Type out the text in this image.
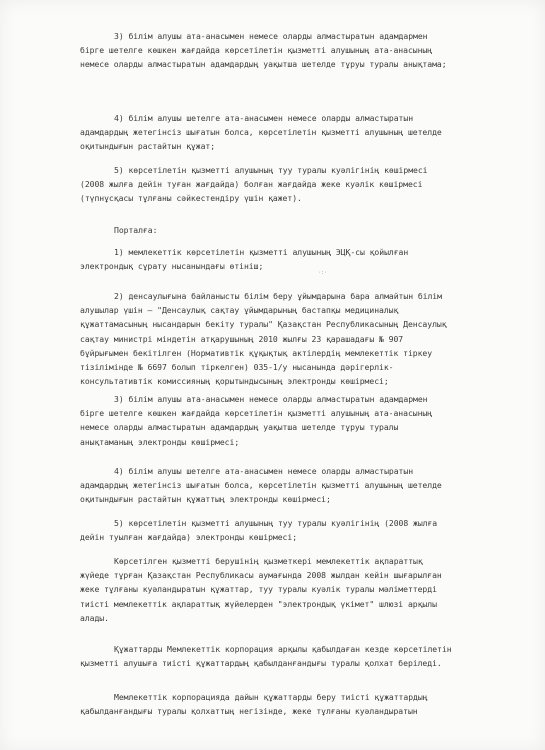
3) білім алушы ата-анасымен немесе оларды алмастыратын адамдармен
бірге шетелге көшкен жағдайда көрсетілетін қызметті алушының ата-анасының
немесе оларды алмастыратын адамдардың уақытша шетелде тұруы туралы анықтама;
4) білім алушы шетелге ата-анасымен немесе оларды алмастыратын
адамдардың жетегінсіз шығатын болса, көрсетілетін қызметті алушының шетелде
оқитындығын растайтын құжат;
5) көрсетілетін қызметті алушының туу туралы куәлігінің көшірмесі
(2008 жылға дейін туған жағдайда) болған жағдайда жеке куәлік көшірмесі
(түпнұсқасы тұлғаны сәйкестендіру үшін қажет).
Порталға:
1) мемлекеттік көрсетілетін қызметті алушының ЭЦҚ-сы қойылған
электрондық сұрату нысанындағы өтініш;
2) денсаулығына байланысты білім беру ұйымдарына бара алмайтын білім
алушылар үшін – "Денсаулық сақтау ұйымдарының бастапқы медициналық
құжаттамасының нысандарын бекіту туралы" Қазақстан Республикасының Денсаулық
сақтау министрі міндетін атқарушының 2010 жылғы 23 қарашадағы № 907
бұйрығымен бекітілген (Нормативтік құқықтық актілердің мемлекеттік тіркеу
тізілімінде № 6697 болып тіркелген) 035-1/у нысанында дәрігерлік-
консультативтік комиссияның қорытындысының электронды көшірмесі;
3) білім алушы ата-анасымен немесе оларды алмастыратын адамдармен
бірге шетелге көшкен жағдайда көрсетілетін қызметті алушының ата-анасының
немесе оларды алмастыратын адамдардың уақытша шетелде тұруы туралы
анықтаманың электронды көшірмесі;
4) білім алушы шетелге ата-анасымен немесе оларды алмастыратын
адамдардың жетегінсіз шығатын болса, көрсетілетін қызметті алушының шетелде
оқитындығын растайтын құжаттың электронды көшірмесі;
5) көрсетілетін қызметті алушының туу туралы куәлігінің (2008 жылға
дейін туылған жағдайда) электронды көшірмесі;
Көрсетілген қызметті берушінің қызметкері мемлекеттік ақпараттық
жүйеде тұрған Қазақстан Республикасы аумағында 2008 жылдан кейін шығарылған
жеке тұлғаны куәландыратын құжаттар, туу туралы куәлік туралы мәліметтерді
тиісті мемлекеттік ақпараттық жүйелерден "электрондық үкімет" шлюзі арқылы
алады.
Құжаттарды Мемлекеттік корпорация арқылы қабылдаған кезде көрсетілетін
қызметті алушыға тиісті құжаттардың қабылданғандығы туралы қолхат беріледі.
Мемлекеттік корпорацияда дайын құжаттарды беру тиісті құжаттардың
қабылданғандығы туралы қолхаттың негізінде, жеке тұлғаны куәландыратын
·:·
